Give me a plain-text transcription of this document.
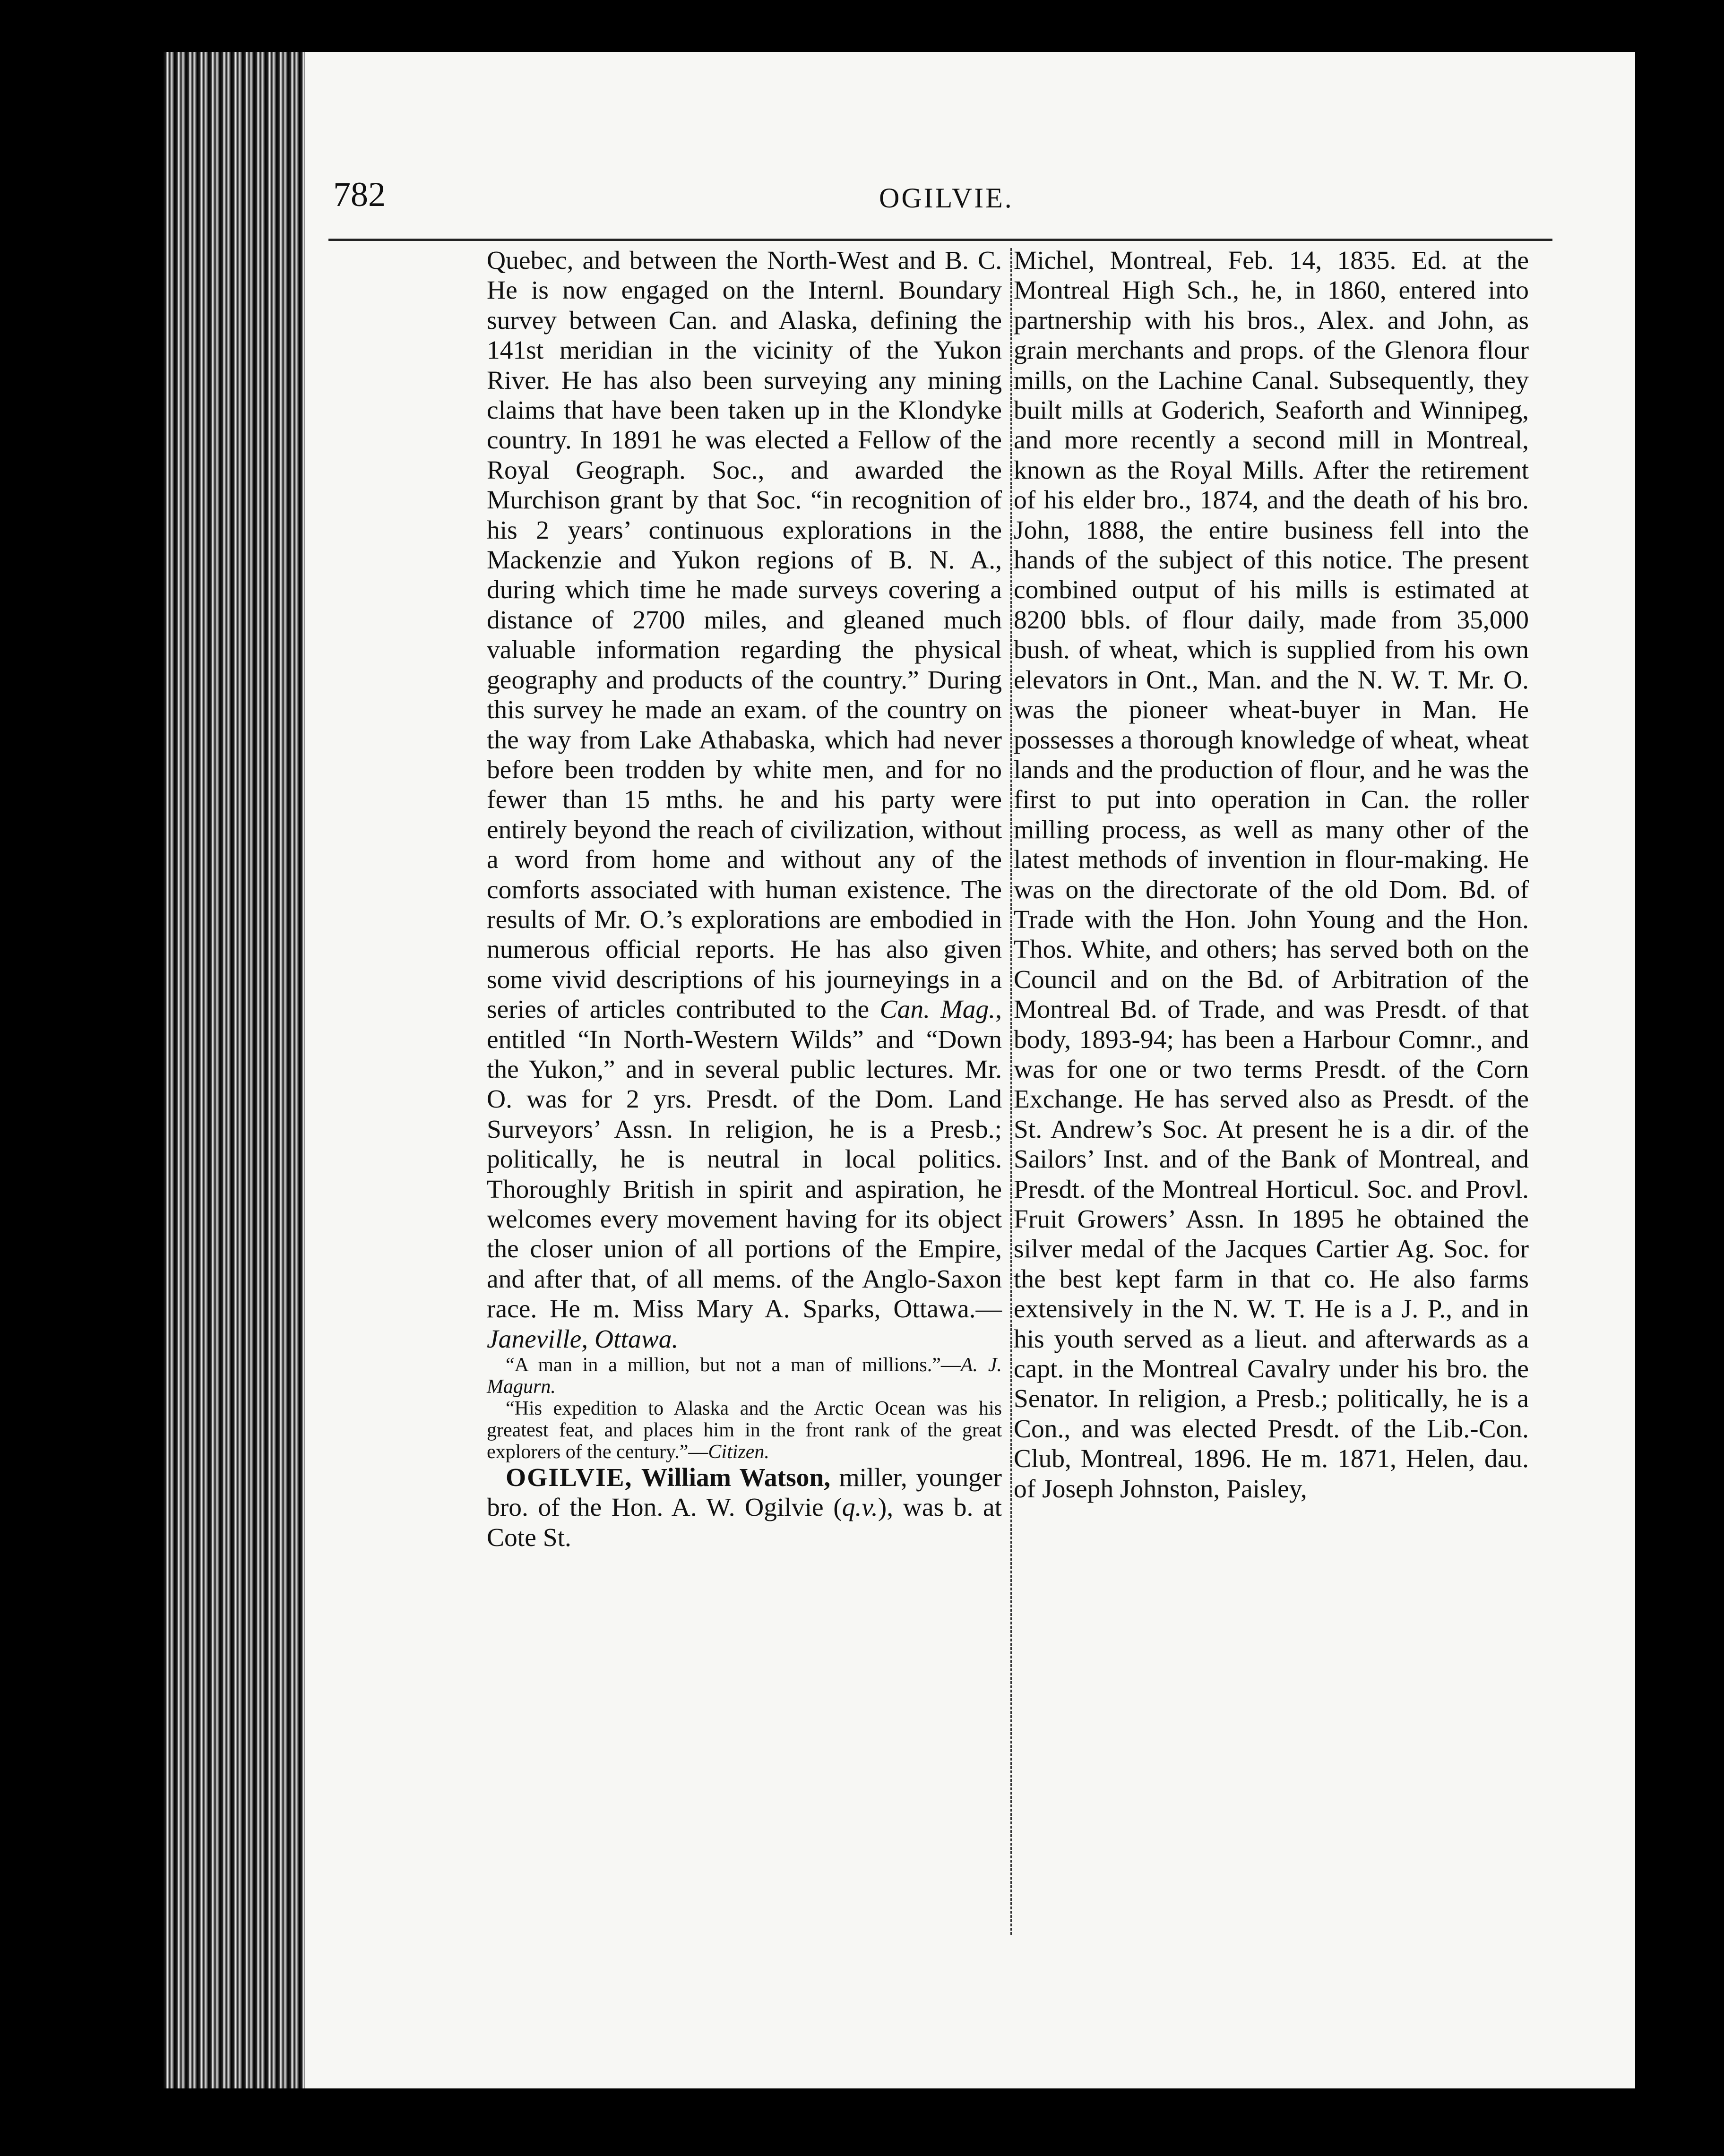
782	OGILVIE.

Quebec, and between the North-West and B. C. He is now engaged on the Internl. Boundary survey between Can. and Alaska, defining the 141st meridian in the vicinity of the Yukon River. He has also been surveying any mining claims that have been taken up in the Klondyke country. In 1891 he was elected a Fellow of the Royal Geograph. Soc., and awarded the Murchison grant by that Soc. “in recognition of his 2 years’ continuous explorations in the Mackenzie and Yukon regions of B. N. A., during which time he made surveys covering a distance of 2700 miles, and gleaned much valuable information regarding the physical geography and products of the country.” During this survey he made an exam. of the country on the way from Lake Athabaska, which had never before been trodden by white men, and for no fewer than 15 mths. he and his party were entirely beyond the reach of civilization, without a word from home and without any of the comforts associated with human existence. The results of Mr. O.’s explorations are embodied in numerous official reports. He has also given some vivid descriptions of his journeyings in a series of articles contributed to the Can. Mag., entitled “In North-Western Wilds” and “Down the Yukon,” and in several public lectures. Mr. O. was for 2 yrs. Presdt. of the Dom. Land Surveyors’ Assn. In religion, he is a Presb.; politically, he is neutral in local politics. Thoroughly British in spirit and aspiration, he welcomes every movement having for its object the closer union of all portions of the Empire, and after that, of all mems. of the Anglo-Saxon race. He m. Miss Mary A. Sparks, Ottawa.—Janeville, Ottawa.

“A man in a million, but not a man of millions.”—A. J. Magurn.

“His expedition to Alaska and the Arctic Ocean was his greatest feat, and places him in the front rank of the great explorers of the century.”—Citizen.

OGILVIE, William Watson, miller, younger bro. of the Hon. A. W. Ogilvie (q.v.), was b. at Cote St.

Michel, Montreal, Feb. 14, 1835. Ed. at the Montreal High Sch., he, in 1860, entered into partnership with his bros., Alex. and John, as grain merchants and props. of the Glenora flour mills, on the Lachine Canal. Subsequently, they built mills at Goderich, Seaforth and Winnipeg, and more recently a second mill in Montreal, known as the Royal Mills. After the retirement of his elder bro., 1874, and the death of his bro. John, 1888, the entire business fell into the hands of the subject of this notice. The present combined output of his mills is estimated at 8200 bbls. of flour daily, made from 35,000 bush. of wheat, which is supplied from his own elevators in Ont., Man. and the N. W. T. Mr. O. was the pioneer wheat-buyer in Man. He possesses a thorough knowledge of wheat, wheat lands and the production of flour, and he was the first to put into operation in Can. the roller milling process, as well as many other of the latest methods of invention in flour-making. He was on the directorate of the old Dom. Bd. of Trade with the Hon. John Young and the Hon. Thos. White, and others; has served both on the Council and on the Bd. of Arbitration of the Montreal Bd. of Trade, and was Presdt. of that body, 1893-94; has been a Harbour Comnr., and was for one or two terms Presdt. of the Corn Exchange. He has served also as Presdt. of the St. Andrew’s Soc. At present he is a dir. of the Sailors’ Inst. and of the Bank of Montreal, and Presdt. of the Montreal Horticul. Soc. and Provl. Fruit Growers’ Assn. In 1895 he obtained the silver medal of the Jacques Cartier Ag. Soc. for the best kept farm in that co. He also farms extensively in the N. W. T. He is a J. P., and in his youth served as a lieut. and afterwards as a capt. in the Montreal Cavalry under his bro. the Senator. In religion, a Presb.; politically, he is a Con., and was elected Presdt. of the Lib.-Con. Club, Montreal, 1896. He m. 1871, Helen, dau. of Joseph Johnston, Paisley,
